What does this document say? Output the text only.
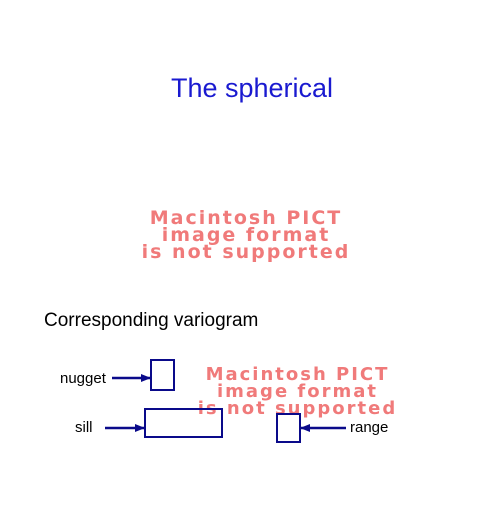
The spherical
Macintosh PICT
image format
is not supported
Corresponding variogram
Macintosh PICT
image format
is not supported
nugget
sill	range
